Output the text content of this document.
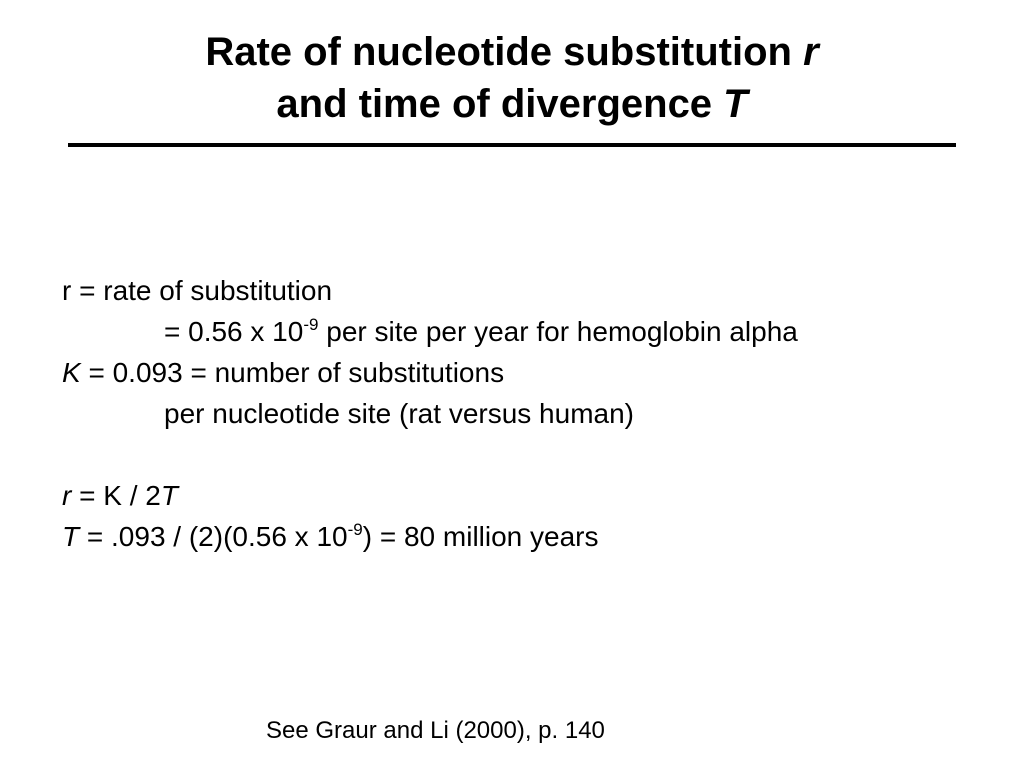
Rate of nucleotide substitution r
and time of divergence T
r = rate of substitution
= 0.56 x $10^{-9}$ per site per year for hemoglobin alpha
K = 0.093 = number of substitutions
per nucleotide site (rat versus human)
r = K / 2T
T = .093 / (2)(0.56 x $10^{-9}) = 80$ million years
See Graur and Li (2000), p. 140
